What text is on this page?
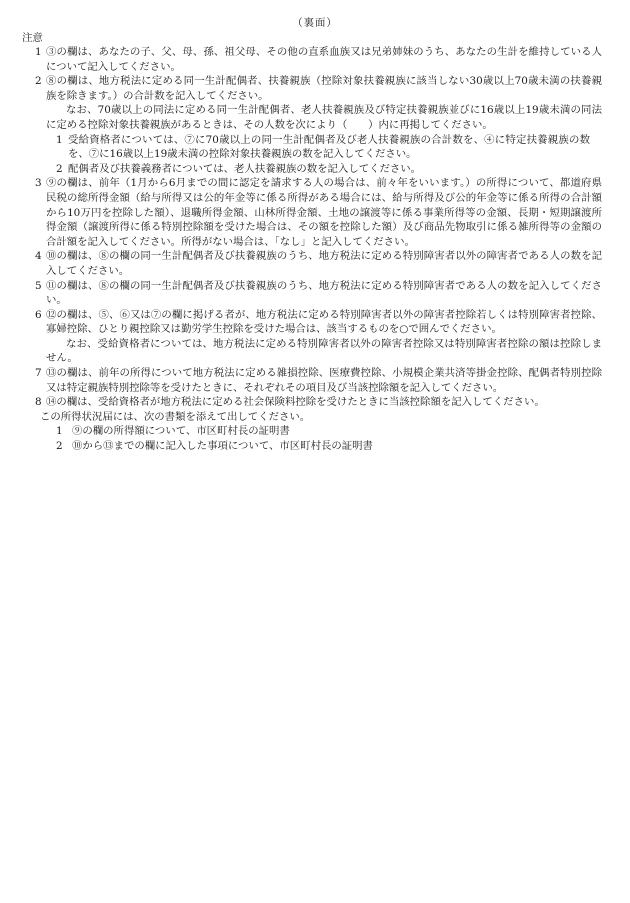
（裏面）
注意
1 ③の欄は、あなたの子、父、母、孫、祖父母、その他の直系血族又は兄弟姉妹のうち、あなたの生計を維持している人について記入してください。
2 ⑧の欄は、地方税法に定める同一生計配偶者、扶養親族（控除対象扶養親族に該当しない30歳以上70歳未満の扶養親族を除きます。）の合計数を記入してください。
なお、70歳以上の同法に定める同一生計配偶者、老人扶養親族及び特定扶養親族並びに16歳以上19歳未満の同法に定める控除対象扶養親族があるときは、その人数を次により（　　）内に再掲してください。
1 受給資格者については、⑦に70歳以上の同一生計配偶者及び老人扶養親族の合計数を、④に特定扶養親族の数を、⑦に16歳以上19歳未満の控除対象扶養親族の数を記入してください。
2 配偶者及び扶養義務者については、老人扶養親族の数を記入してください。
3 ⑨の欄は、前年（1月から6月までの間に認定を請求する人の場合は、前々年をいいます。）の所得について、都道府県民税の総所得金額（給与所得又は公的年金等に係る所得がある場合には、給与所得及び公的年金等に係る所得の合計額から10万円を控除した額）、退職所得金額、山林所得金額、土地の譲渡等に係る事業所得等の金額、長期・短期譲渡所得金額（譲渡所得に係る特別控除額を受けた場合は、その額を控除した額）及び商品先物取引に係る雑所得等の金額の合計額を記入してください。所得がない場合は、「なし」と記入してください。
4 ⑩の欄は、⑧の欄の同一生計配偶者及び扶養親族のうち、地方税法に定める特別障害者以外の障害者である人の数を記入してください。
5 ⑪の欄は、⑧の欄の同一生計配偶者及び扶養親族のうち、地方税法に定める特別障害者である人の数を記入してください。
6 ⑫の欄は、⑤、⑥又は⑦の欄に掲げる者が、地方税法に定める特別障害者以外の障害者控除若しくは特別障害者控除、寡婦控除、ひとり親控除又は勤労学生控除を受けた場合は、該当するものを○で囲んでください。
なお、受給資格者については、地方税法に定める特別障害者以外の障害者控除又は特別障害者控除の額は控除しません。
7 ⑬の欄は、前年の所得について地方税法に定める雑損控除、医療費控除、小規模企業共済等掛金控除、配偶者特別控除又は特定親族特別控除等を受けたときに、それぞれその項目及び当該控除額を記入してください。
8 ⑭の欄は、受給資格者が地方税法に定める社会保険料控除を受けたときに当該控除額を記入してください。
この所得状況届には、次の書類を添えて出してください。
1 ⑨の欄の所得額について、市区町村長の証明書
2 ⑩から⑬までの欄に記入した事項について、市区町村長の証明書
